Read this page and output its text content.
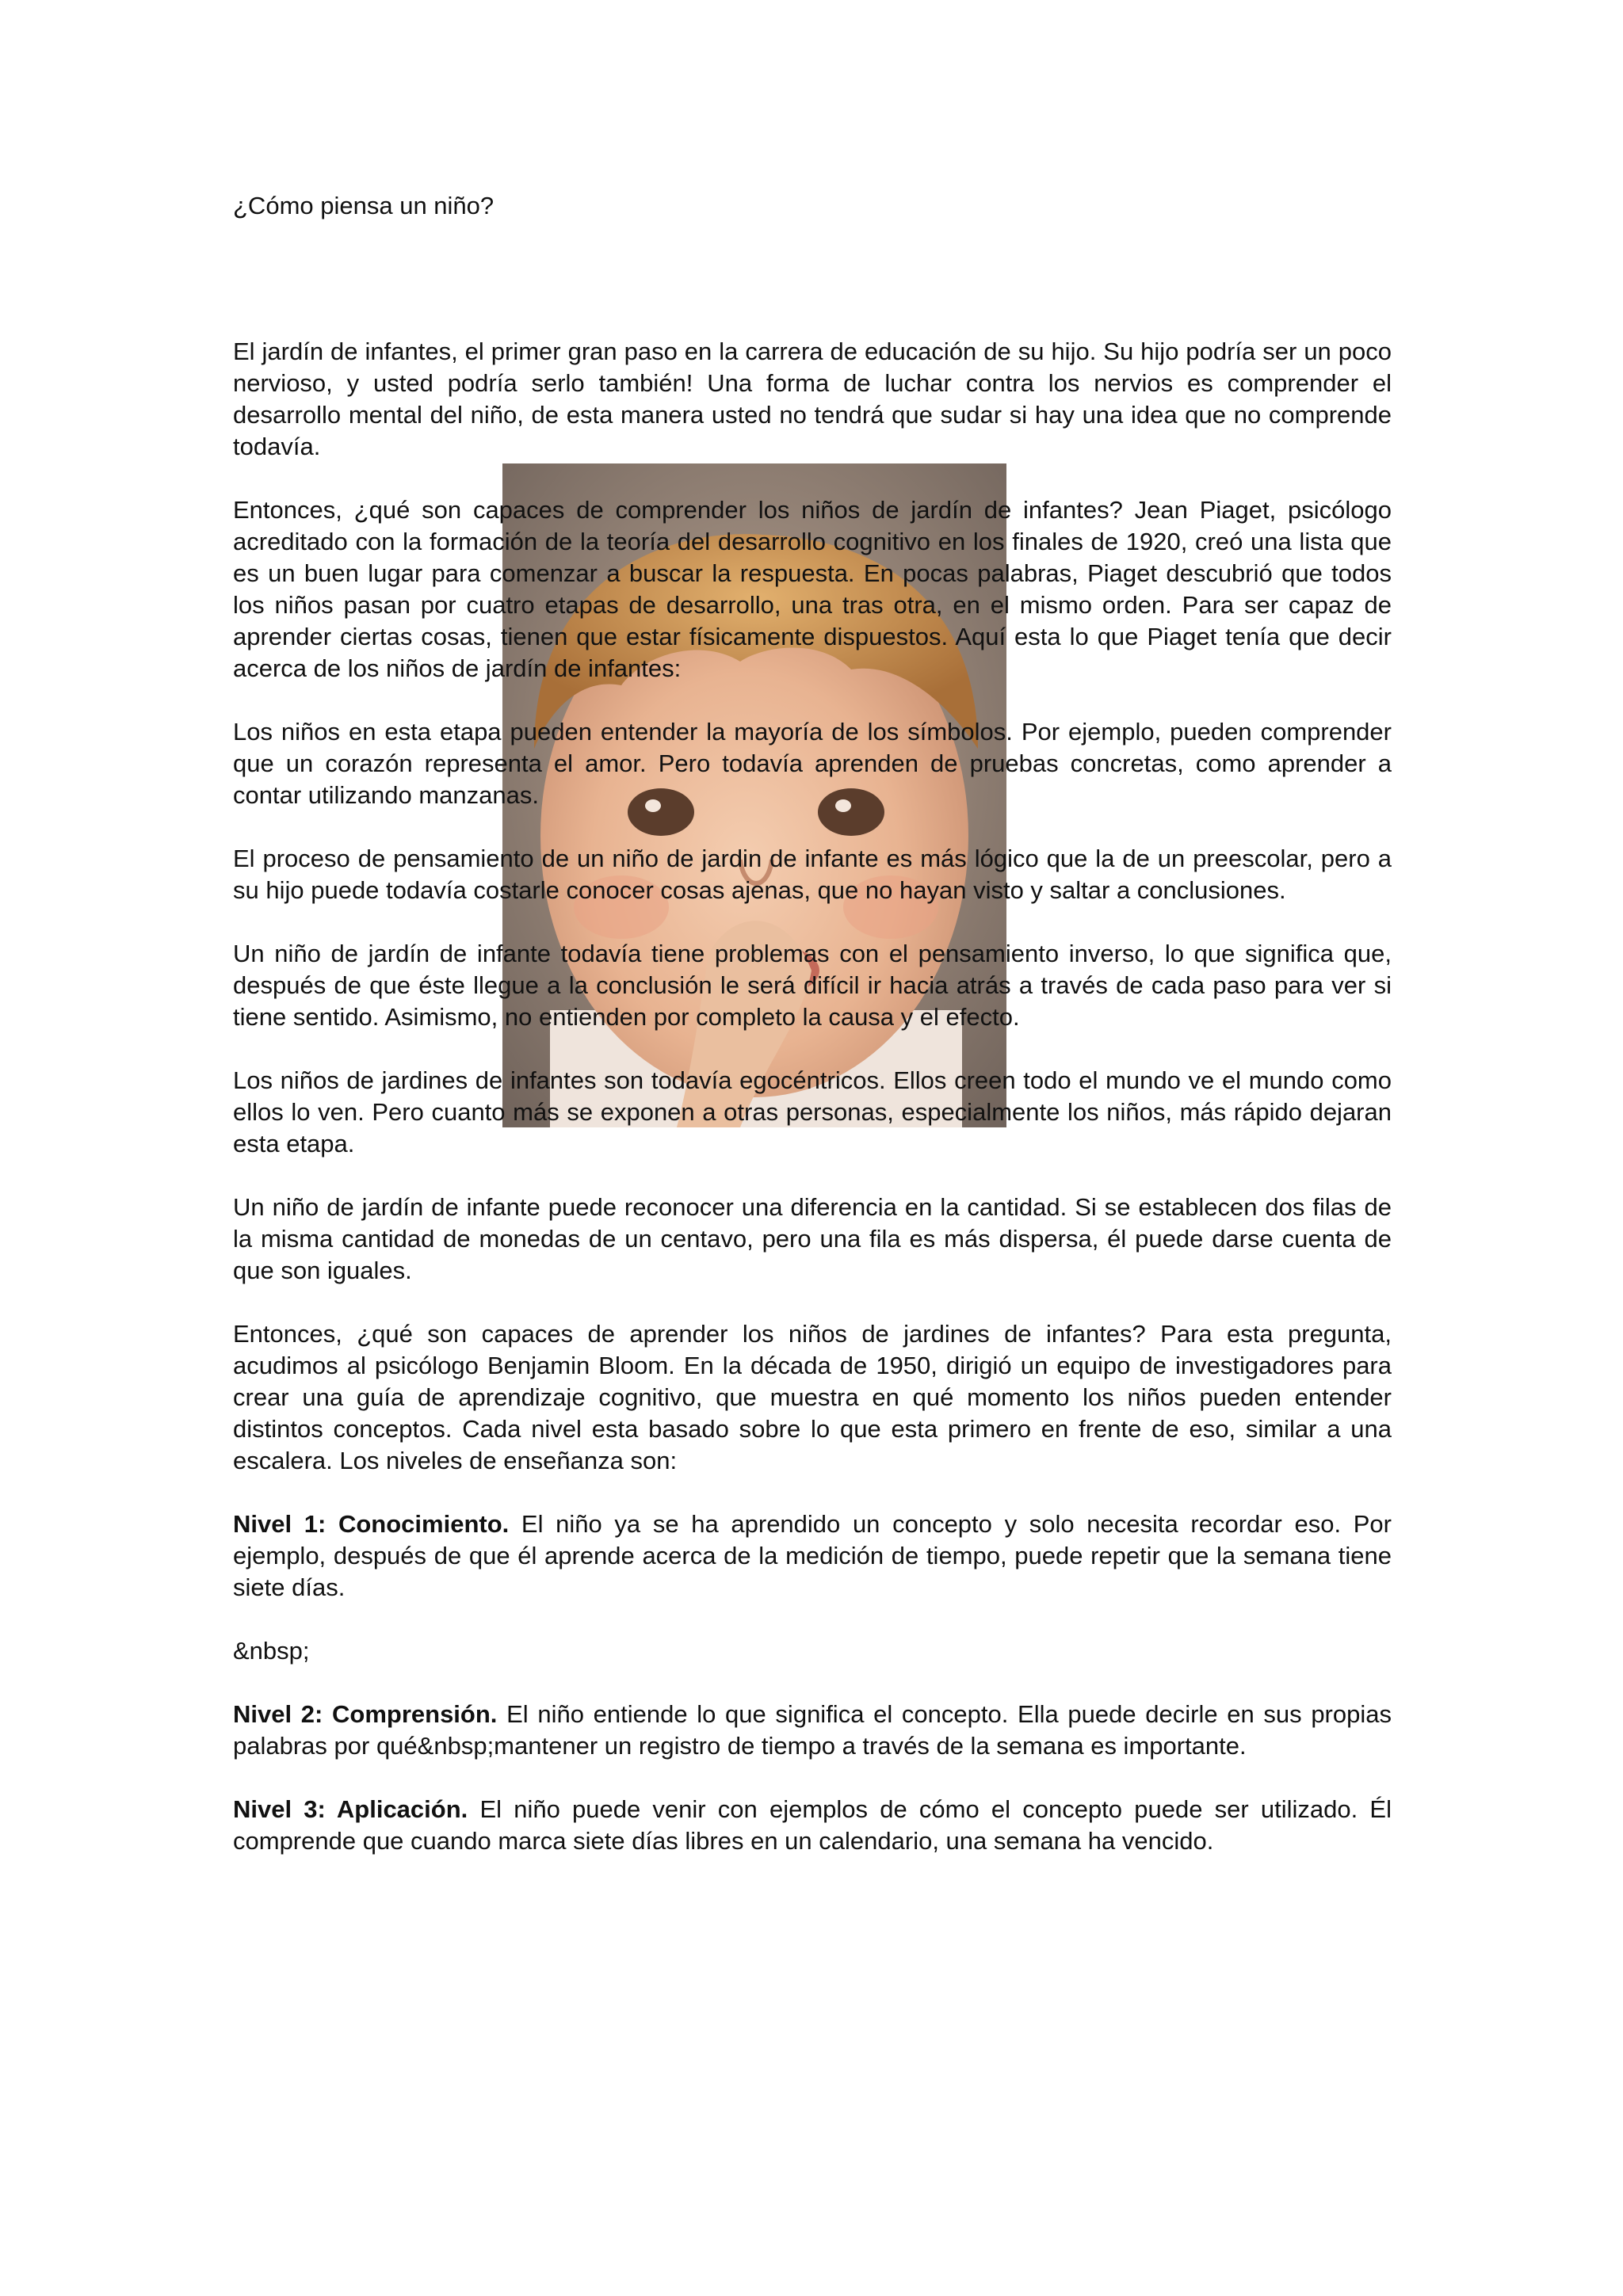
¿Cómo piensa un niño?

El jardín de infantes, el primer gran paso en la carrera de educación de su hijo. Su hijo podría ser un poco nervioso, y usted podría serlo también! Una forma de luchar contra los nervios es comprender el desarrollo mental del niño, de esta manera usted no tendrá que sudar si hay una idea que no comprende todavía.

Entonces, ¿qué son capaces de comprender los niños de jardín de infantes? Jean Piaget, psicólogo acreditado con la formación de la teoría del desarrollo cognitivo en los finales de 1920, creó una lista que es un buen lugar para comenzar a buscar la respuesta. En pocas palabras, Piaget descubrió que todos los niños pasan por cuatro etapas de desarrollo, una tras otra, en el mismo orden. Para ser capaz de aprender ciertas cosas, tienen que estar físicamente dispuestos. Aquí esta lo que Piaget tenía que decir acerca de los niños de jardín de infantes:

Los niños en esta etapa pueden entender la mayoría de los símbolos. Por ejemplo, pueden comprender que un corazón representa el amor. Pero todavía aprenden de pruebas concretas, como aprender a contar utilizando manzanas.

El proceso de pensamiento de un niño de jardin de infante es más lógico que la de un preescolar, pero a su hijo puede todavía costarle conocer cosas ajenas, que no hayan visto y saltar a conclusiones.

Un niño de jardín de infante todavía tiene problemas con el pensamiento inverso, lo que significa que, después de que éste llegue a la conclusión le será difícil ir hacia atrás a través de cada paso para ver si tiene sentido. Asimismo, no entienden por completo la causa y el efecto.

Los niños de jardines de infantes son todavía egocéntricos. Ellos creen todo el mundo ve el mundo como ellos lo ven. Pero cuanto más se exponen a otras personas, especialmente los niños, más rápido dejaran esta etapa.

Un niño de jardín de infante puede reconocer una diferencia en la cantidad. Si se establecen dos filas de la misma cantidad de monedas de un centavo, pero una fila es más dispersa, él puede darse cuenta de que son iguales.

Entonces, ¿qué son capaces de aprender los niños de jardines de infantes? Para esta pregunta, acudimos al psicólogo Benjamin Bloom. En la década de 1950, dirigió un equipo de investigadores para crear una guía de aprendizaje cognitivo, que muestra en qué momento los niños pueden entender distintos conceptos. Cada nivel esta basado sobre lo que esta primero en frente de eso, similar a una escalera. Los niveles de enseñanza son:

Nivel 1: Conocimiento. El niño ya se ha aprendido un concepto y solo necesita recordar eso. Por ejemplo, después de que él aprende acerca de la medición de tiempo, puede repetir que la semana tiene siete días.

&nbsp;

Nivel 2: Comprensión. El niño entiende lo que significa el concepto. Ella puede decirle en sus propias palabras por qué&nbsp;mantener un registro de tiempo a través de la semana es importante.

Nivel 3: Aplicación. El niño puede venir con ejemplos de cómo el concepto puede ser utilizado. Él comprende que cuando marca siete días libres en un calendario, una semana ha vencido.
